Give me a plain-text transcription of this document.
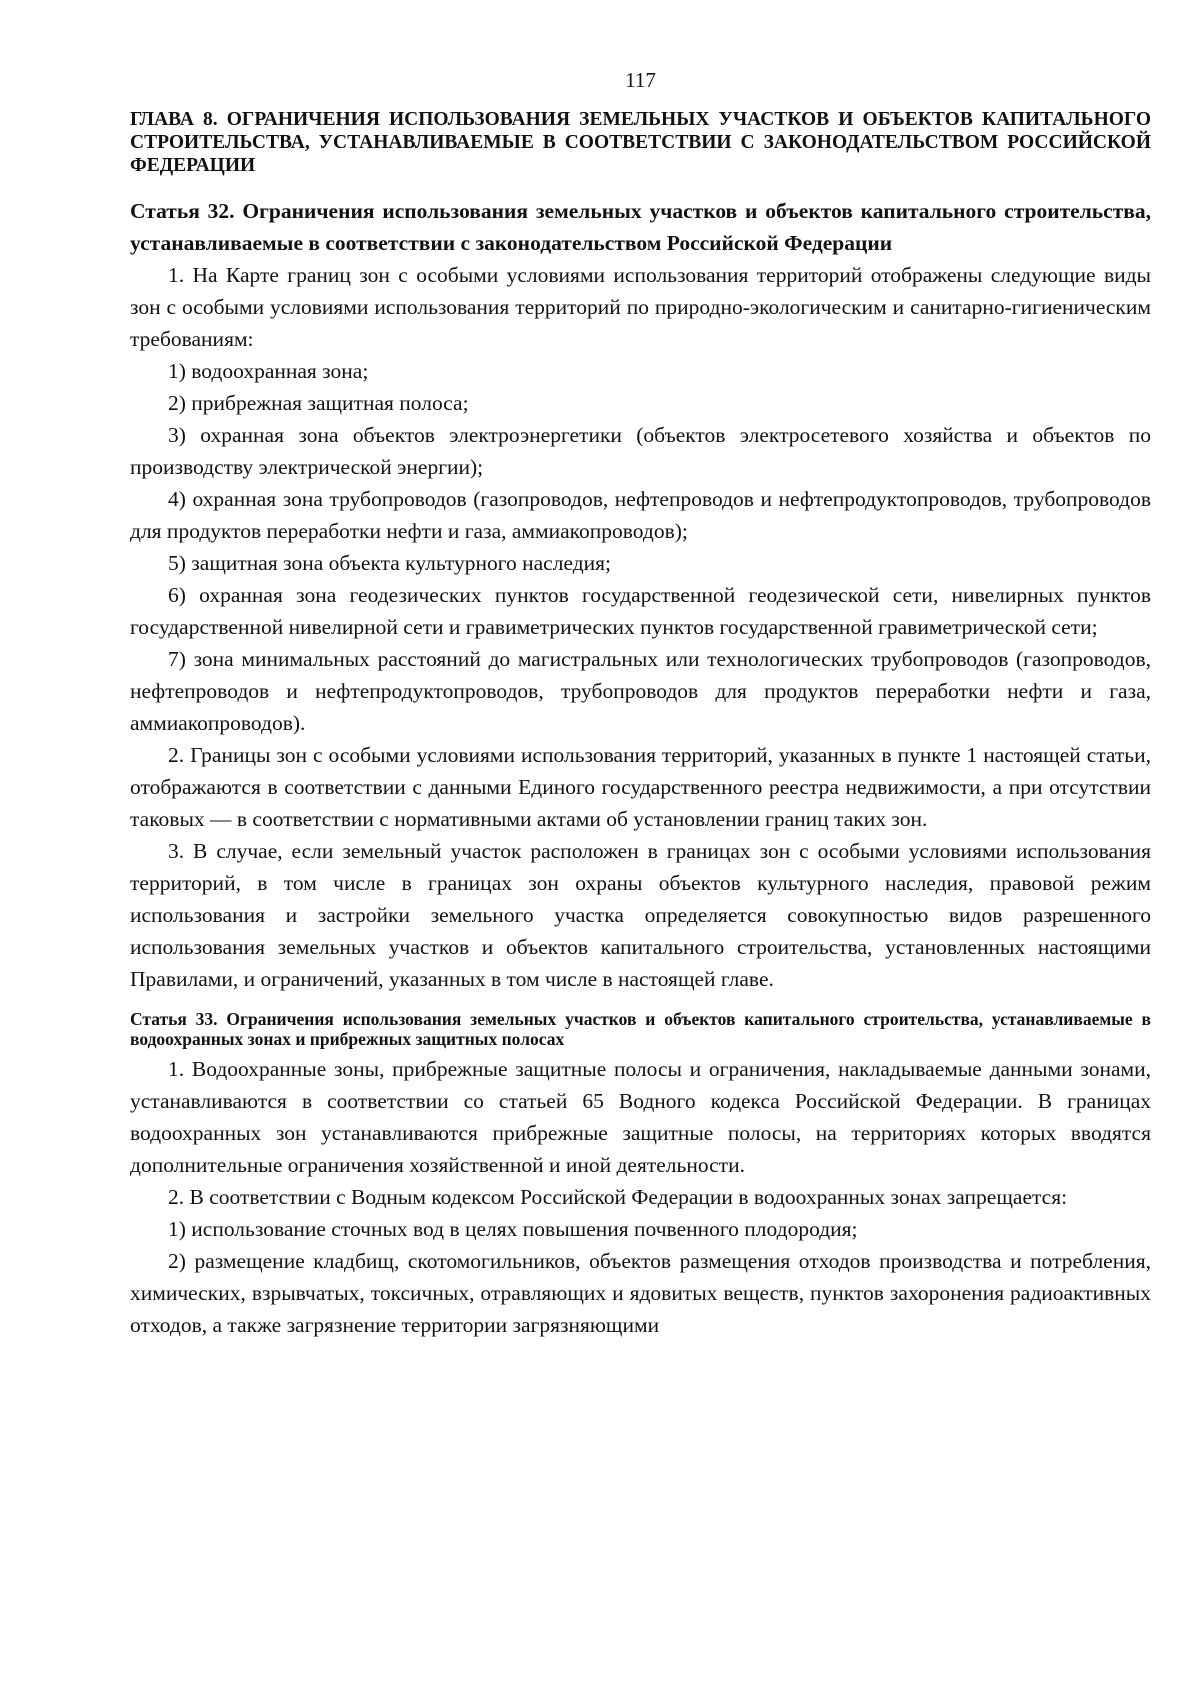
117
ГЛАВА 8. ОГРАНИЧЕНИЯ ИСПОЛЬЗОВАНИЯ ЗЕМЕЛЬНЫХ УЧАСТКОВ И ОБЪЕКТОВ КАПИТАЛЬНОГО СТРОИТЕЛЬСТВА, УСТАНАВЛИВАЕМЫЕ В СООТВЕТСТВИИ С ЗАКОНОДАТЕЛЬСТВОМ РОССИЙСКОЙ ФЕДЕРАЦИИ
Статья 32. Ограничения использования земельных участков и объектов капитального строительства, устанавливаемые в соответствии с законодательством Российской Федерации

1. На Карте границ зон с особыми условиями использования территорий отображены следующие виды зон с особыми условиями использования территорий по природно-экологическим и санитарно-гигиеническим требованиям:

1) водоохранная зона;

2) прибрежная защитная полоса;

3) охранная зона объектов электроэнергетики (объектов электросетевого хозяйства и объектов по производству электрической энергии);

4) охранная зона трубопроводов (газопроводов, нефтепроводов и нефтепродуктопроводов, трубопроводов для продуктов переработки нефти и газа, аммиакопроводов);

5) защитная зона объекта культурного наследия;

6) охранная зона геодезических пунктов государственной геодезической сети, нивелирных пунктов государственной нивелирной сети и гравиметрических пунктов государственной гравиметрической сети;

7) зона минимальных расстояний до магистральных или технологических трубопроводов (газопроводов, нефтепроводов и нефтепродуктопроводов, трубопроводов для продуктов переработки нефти и газа, аммиакопроводов).

2. Границы зон с особыми условиями использования территорий, указанных в пункте 1 настоящей статьи, отображаются в соответствии с данными Единого государственного реестра недвижимости, а при отсутствии таковых — в соответствии с нормативными актами об установлении границ таких зон.

3. В случае, если земельный участок расположен в границах зон с особыми условиями использования территорий, в том числе в границах зон охраны объектов культурного наследия, правовой режим использования и застройки земельного участка определяется совокупностью видов разрешенного использования земельных участков и объектов капитального строительства, установленных настоящими Правилами, и ограничений, указанных в том числе в настоящей главе.

Статья 33. Ограничения использования земельных участков и объектов капитального строительства, устанавливаемые в водоохранных зонах и прибрежных защитных полосах

1. Водоохранные зоны, прибрежные защитные полосы и ограничения, накладываемые данными зонами, устанавливаются в соответствии со статьей 65 Водного кодекса Российской Федерации. В границах водоохранных зон устанавливаются прибрежные защитные полосы, на территориях которых вводятся дополнительные ограничения хозяйственной и иной деятельности.

2. В соответствии с Водным кодексом Российской Федерации в водоохранных зонах запрещается:

1) использование сточных вод в целях повышения почвенного плодородия;

2) размещение кладбищ, скотомогильников, объектов размещения отходов производства и потребления, химических, взрывчатых, токсичных, отравляющих и ядовитых веществ, пунктов захоронения радиоактивных отходов, а также загрязнение территории загрязняющими
